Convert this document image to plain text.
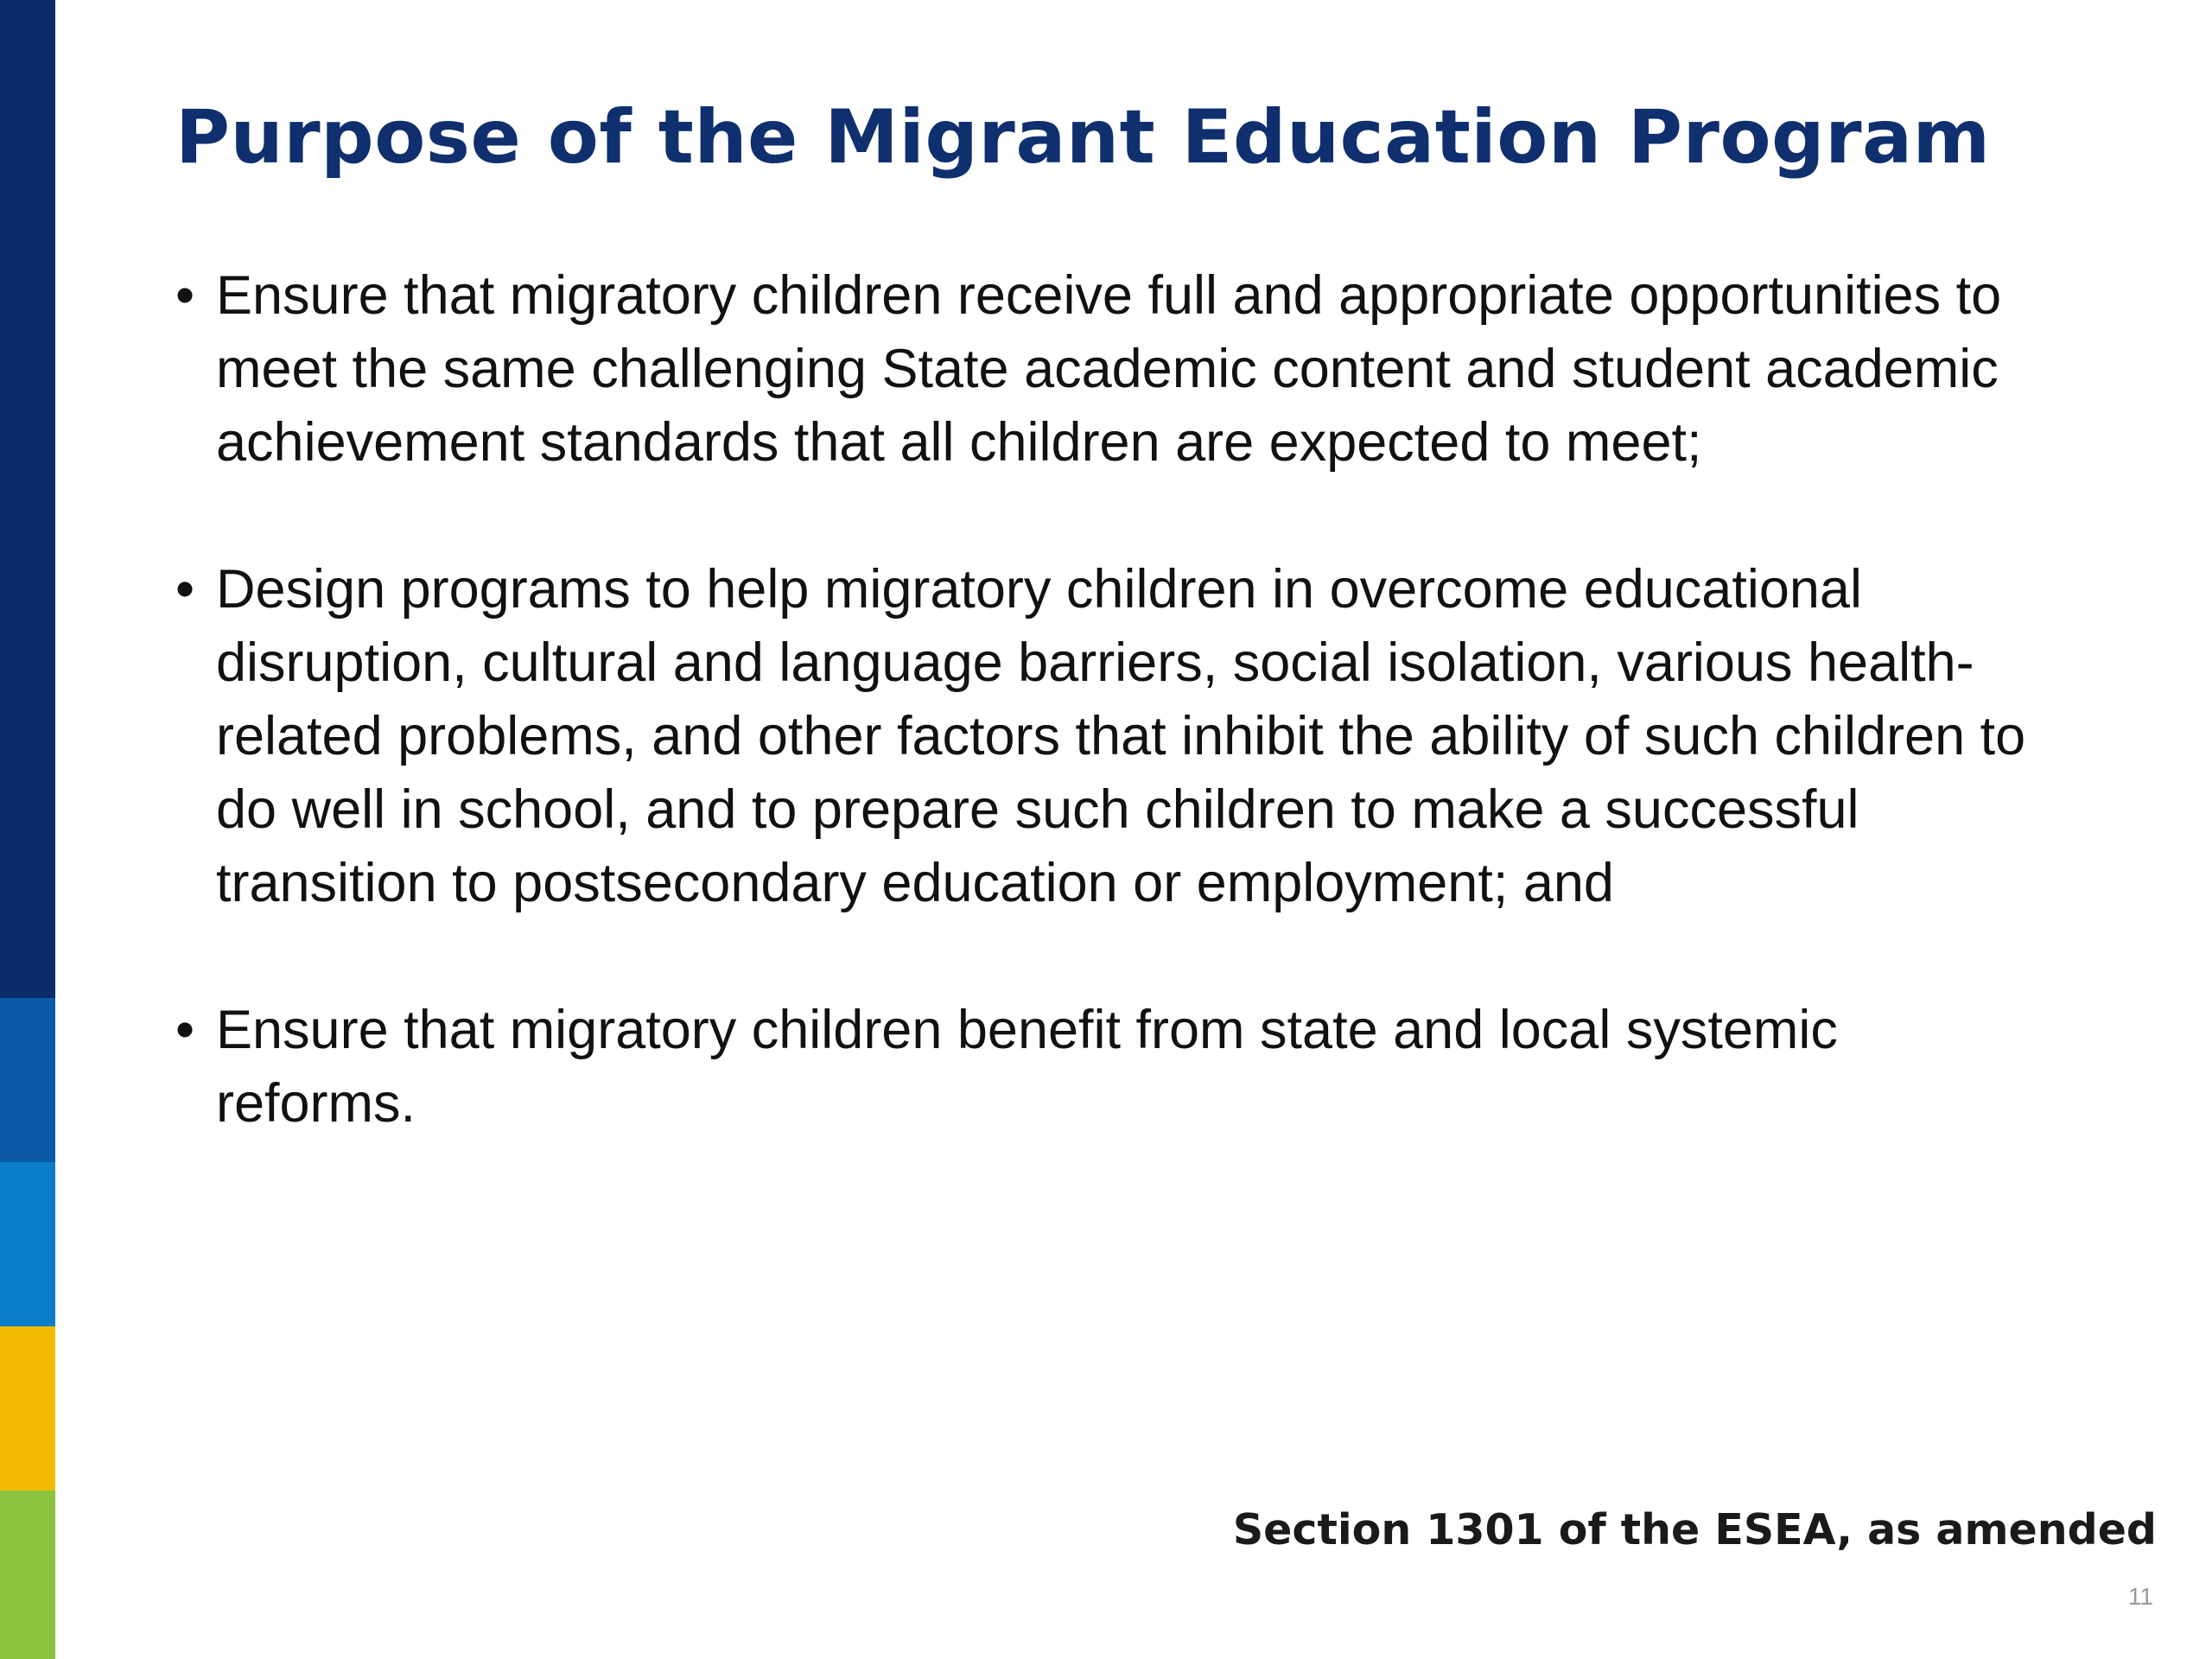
Purpose of the Migrant Education Program
• Ensure that migratory children receive full and appropriate opportunities to meet the same challenging State academic content and student academic achievement standards that all children are expected to meet;
• Design programs to help migratory children in overcome educational disruption, cultural and language barriers, social isolation, various health-related problems, and other factors that inhibit the ability of such children to do well in school, and to prepare such children to make a successful transition to postsecondary education or employment; and
• Ensure that migratory children benefit from state and local systemic reforms.
Section 1301 of the ESEA, as amended
11
